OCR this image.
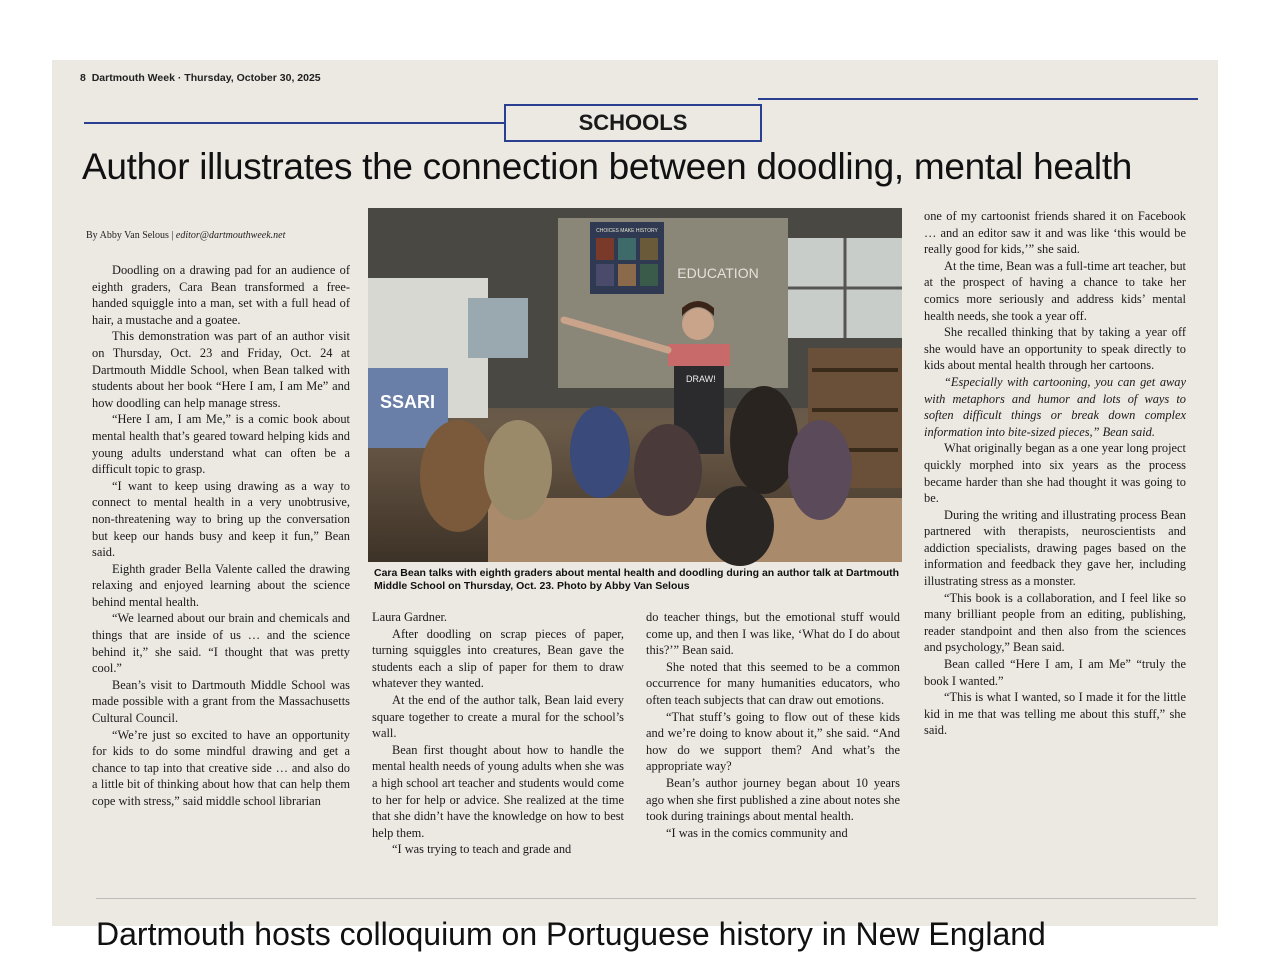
8 Dartmouth Week · Thursday, October 30, 2025
SCHOOLS
Author illustrates the connection between doodling, mental health
By Abby Van Selous | editor@dartmouthweek.net

Doodling on a drawing pad for an audience of eighth graders, Cara Bean transformed a free-handed squiggle into a man, set with a full head of hair, a mustache and a goatee.

This demonstration was part of an author visit on Thursday, Oct. 23 and Friday, Oct. 24 at Dartmouth Middle School, when Bean talked with students about her book “Here I am, I am Me” and how doodling can help manage stress.

“Here I am, I am Me,” is a comic book about mental health that’s geared toward helping kids and young adults understand what can often be a difficult topic to grasp.

“I want to keep using drawing as a way to connect to mental health in a very unobtrusive, non-threatening way to bring up the conversation but keep our hands busy and keep it fun,” Bean said.

Eighth grader Bella Valente called the drawing relaxing and enjoyed learning about the science behind mental health.

“We learned about our brain and chemicals and things that are inside of us … and the science behind it,” she said. “I thought that was pretty cool.”

Bean’s visit to Dartmouth Middle School was made possible with a grant from the Massachusetts Cultural Council.

“We’re just so excited to have an opportunity for kids to do some mindful drawing and get a chance to tap into that creative side … and also do a little bit of thinking about how that can help them cope with stress,” said middle school librarian

CHOICES MAKE HISTORY
EDUCATION
SSARI
DRAW!
Cara Bean talks with eighth graders about mental health and doodling during an author talk at Dartmouth Middle School on Thursday, Oct. 23. Photo by Abby Van Selous

Laura Gardner.

After doodling on scrap pieces of paper, turning squiggles into creatures, Bean gave the students each a slip of paper for them to draw whatever they wanted.

At the end of the author talk, Bean laid every square together to create a mural for the school’s wall.

Bean first thought about how to handle the mental health needs of young adults when she was a high school art teacher and students would come to her for help or advice. She realized at the time that she didn’t have the knowledge on how to best help them.

“I was trying to teach and grade and

do teacher things, but the emotional stuff would come up, and then I was like, ‘What do I do about this?’” Bean said.

She noted that this seemed to be a common occurrence for many humanities educators, who often teach subjects that can draw out emotions.

“That stuff’s going to flow out of these kids and we’re doing to know about it,” she said. “And how do we support them? And what’s the appropriate way?

Bean’s author journey began about 10 years ago when she first published a zine about notes she took during trainings about mental health.

“I was in the comics community and

one of my cartoonist friends shared it on Facebook … and an editor saw it and was like ‘this would be really good for kids,’” she said.

At the time, Bean was a full-time art teacher, but at the prospect of having a chance to take her comics more seriously and address kids’ mental health needs, she took a year off.

She recalled thinking that by taking a year off she would have an opportunity to speak directly to kids about mental health through her cartoons.

“Especially with cartooning, you can get away with metaphors and humor and lots of ways to soften difficult things or break down complex information into bite-sized pieces,” Bean said.

What originally began as a one year long project quickly morphed into six years as the process became harder than she had thought it was going to be.

During the writing and illustrating process Bean partnered with therapists, neuroscientists and addiction specialists, drawing pages based on the information and feedback they gave her, including illustrating stress as a monster.

“This book is a collaboration, and I feel like so many brilliant people from an editing, publishing, reader standpoint and then also from the sciences and psychology,” Bean said.

Bean called “Here I am, I am Me” “truly the book I wanted.”

“This is what I wanted, so I made it for the little kid in me that was telling me about this stuff,” she said.

Dartmouth hosts colloquium on Portuguese history in New England
